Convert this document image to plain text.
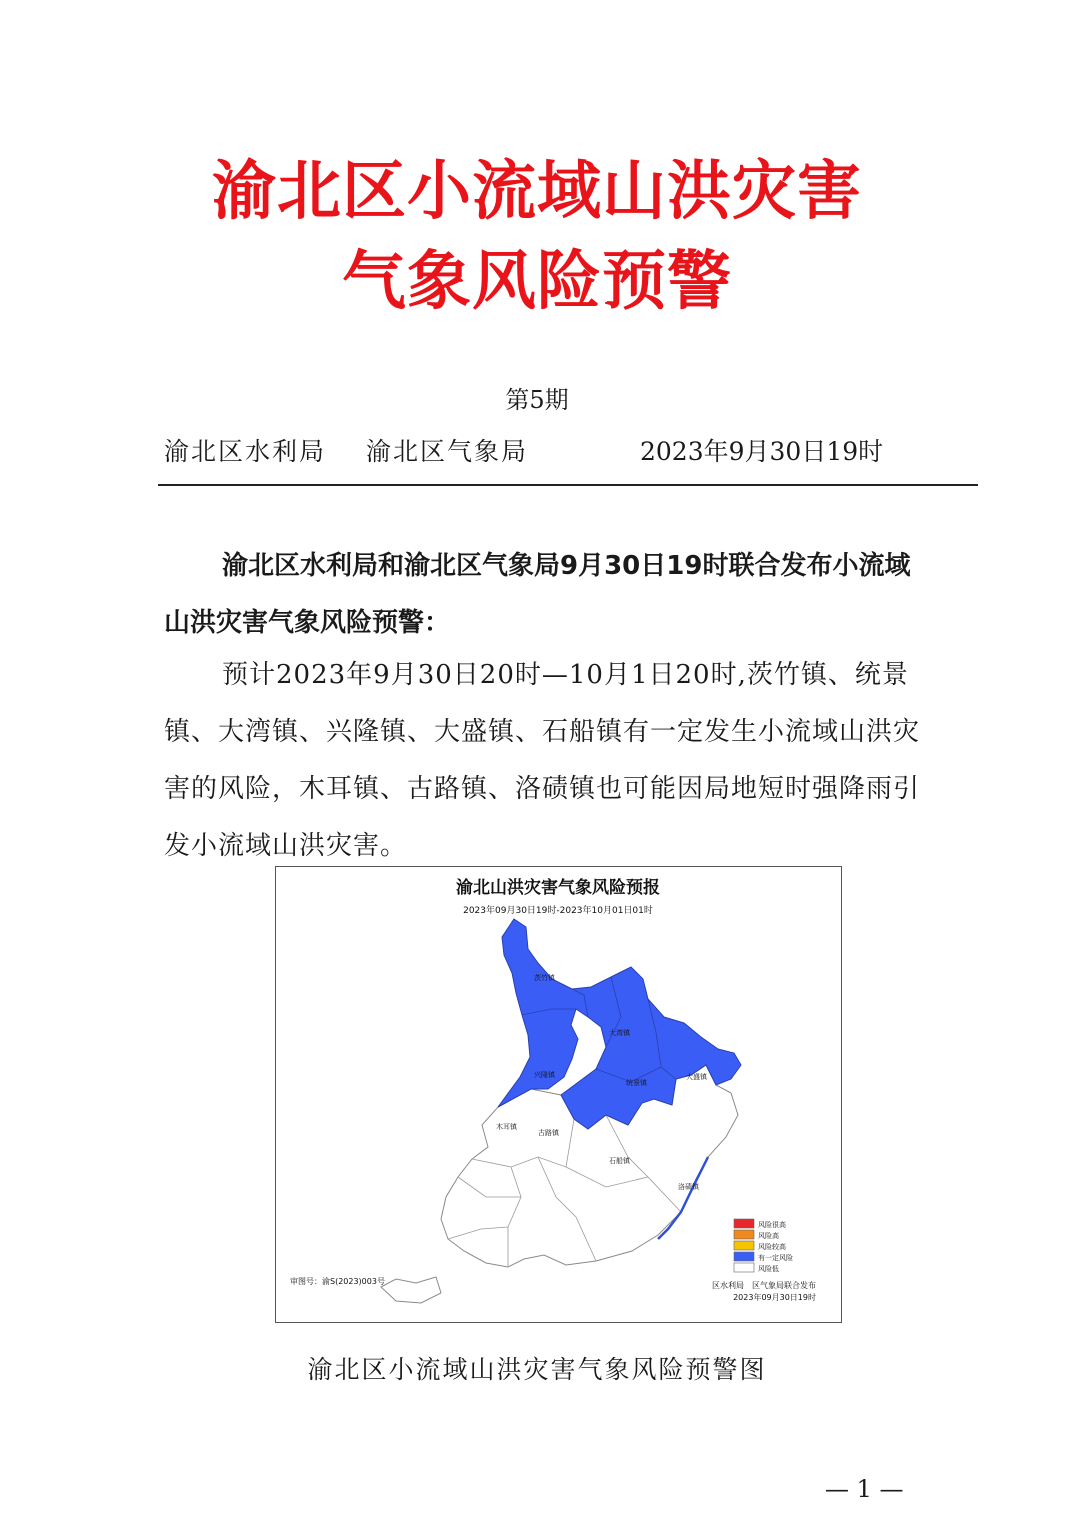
渝北区小流域山洪灾害
气象风险预警
第5期
渝北区水利局 渝北区气象局	2023年9月30日19时
渝北区水利局和渝北区气象局9月30日19时联合发布小流域山洪灾害气象风险预警：
预计2023年9月30日20时—10月1日20时,茨竹镇、统景镇、大湾镇、兴隆镇、大盛镇、石船镇有一定发生小流域山洪灾害的风险，木耳镇、古路镇、洛碛镇也可能因局地短时强降雨引发小流域山洪灾害。
渝北山洪灾害气象风险预报
2023年09月30日19时-2023年10月01日01时
茨竹镇
大湾镇
兴隆镇
统景镇
大盛镇
石船镇
木耳镇
古路镇
洛碛镇
风险很高
风险高
风险较高
有一定风险
风险低
审图号：渝S(2023)003号	区水利局　区气象局联合发布
2023年09月30日19时
渝北区小流域山洪灾害气象风险预警图
— 1 —
